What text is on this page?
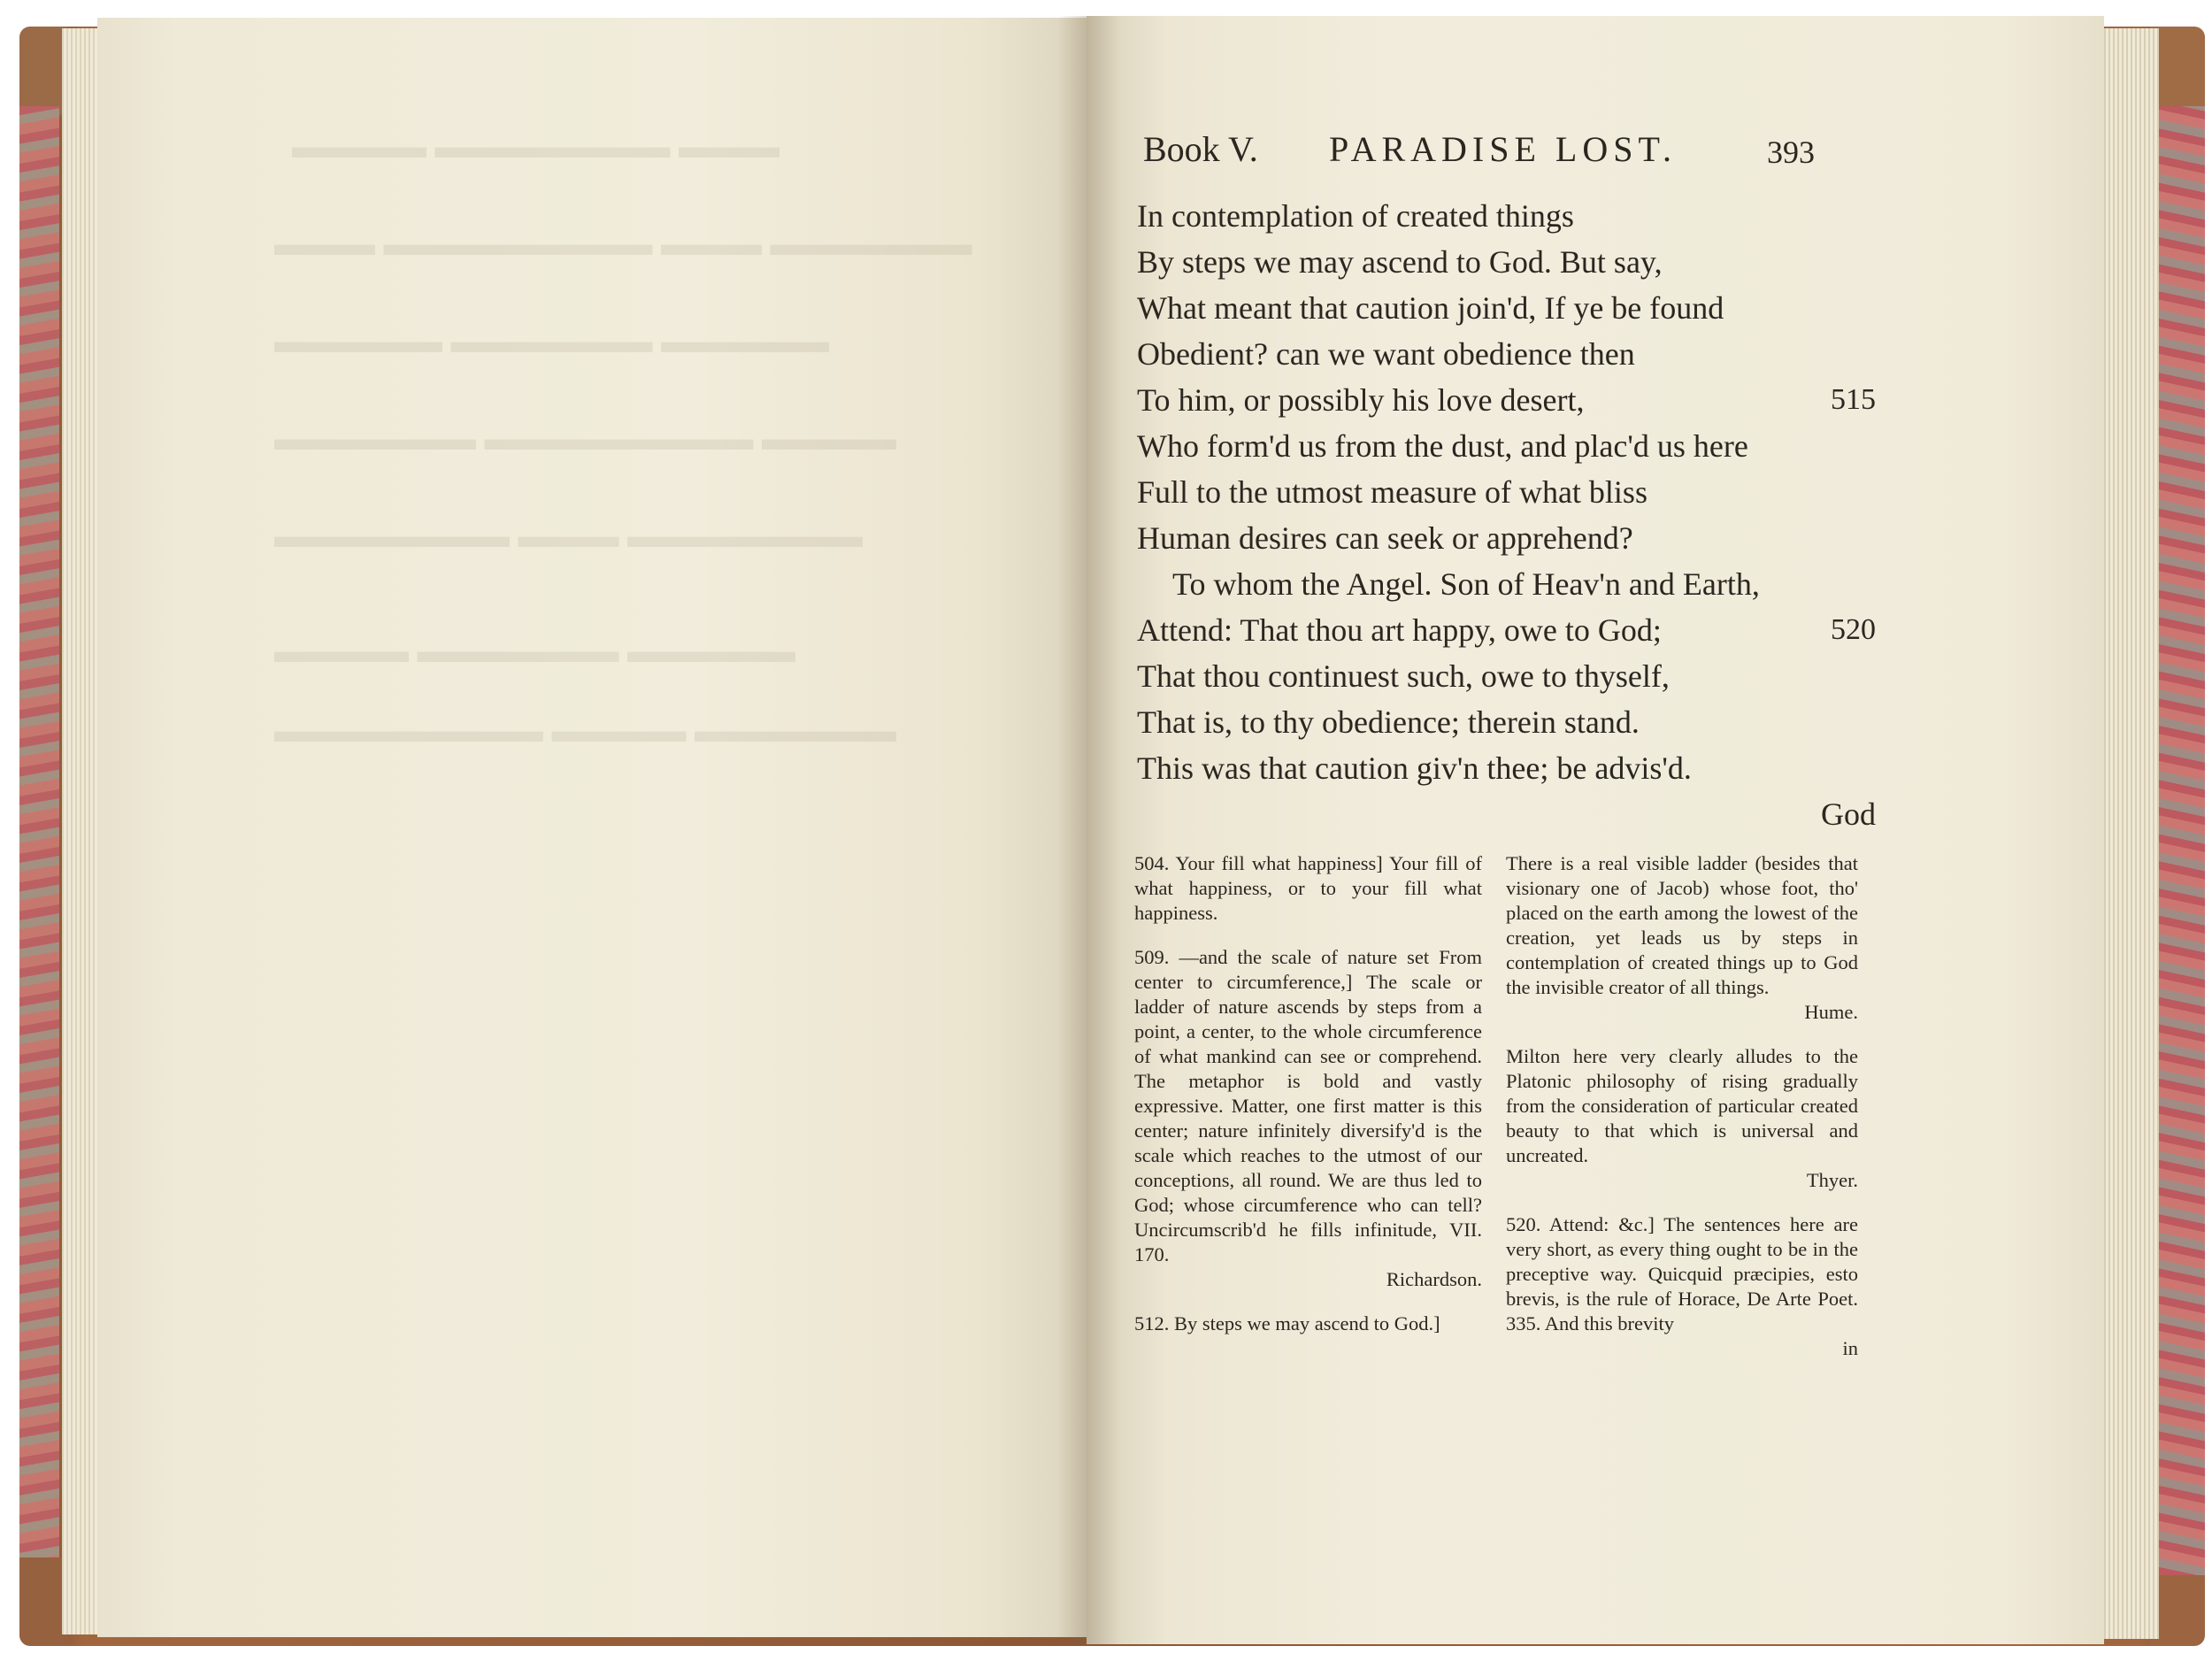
▬▬▬ ▬▬▬▬▬▬▬ ▬▬▬▬
▬▬▬▬▬▬ ▬▬▬ ▬▬▬▬▬▬▬▬ ▬▬▬
▬▬▬▬▬ ▬▬▬▬▬▬ ▬▬▬▬▬
▬▬▬▬ ▬▬▬▬▬▬▬▬ ▬▬▬▬▬▬
▬▬▬▬▬▬▬ ▬▬▬ ▬▬▬▬▬▬▬
▬▬▬▬▬ ▬▬▬▬▬▬ ▬▬▬▬
▬▬▬▬▬▬ ▬▬▬▬ ▬▬▬▬▬▬▬▬
Book V. PARADISE LOST.	393
In contemplation of created things
By steps we may ascend to God. But say,
What meant that caution join'd, If ye be found
Obedient? can we want obedience then
To him, or possibly his love desert,	515
Who form'd us from the dust, and plac'd us here
Full to the utmost measure of what bliss
Human desires can seek or apprehend?
To whom the Angel. Son of Heav'n and Earth,
Attend: That thou art happy, owe to God;	520
That thou continuest such, owe to thyself,
That is, to thy obedience; therein stand.
This was that caution giv'n thee; be advis'd.
God
504. Your fill what happiness] Your fill of what happiness, or to your fill what happiness.
509. —and the scale of nature set From center to circumference,] The scale or ladder of nature ascends by steps from a point, a center, to the whole circumference of what mankind can see or comprehend. The metaphor is bold and vastly expressive. Matter, one first matter is this center; nature infinitely diversify'd is the scale which reaches to the utmost of our conceptions, all round. We are thus led to God; whose circumference who can tell? Uncircumscrib'd he fills infinitude, VII. 170.
Richardson.
512. By steps we may ascend to God.]
There is a real visible ladder (besides that visionary one of Jacob) whose foot, tho' placed on the earth among the lowest of the creation, yet leads us by steps in contemplation of created things up to God the invisible creator of all things.
Hume.
Milton here very clearly alludes to the Platonic philosophy of rising gradually from the consideration of particular created beauty to that which is universal and uncreated.
Thyer.
520. Attend: &c.] The sentences here are very short, as every thing ought to be in the preceptive way. Quicquid præcipies, esto brevis, is the rule of Horace, De Arte Poet. 335. And this brevity
in
